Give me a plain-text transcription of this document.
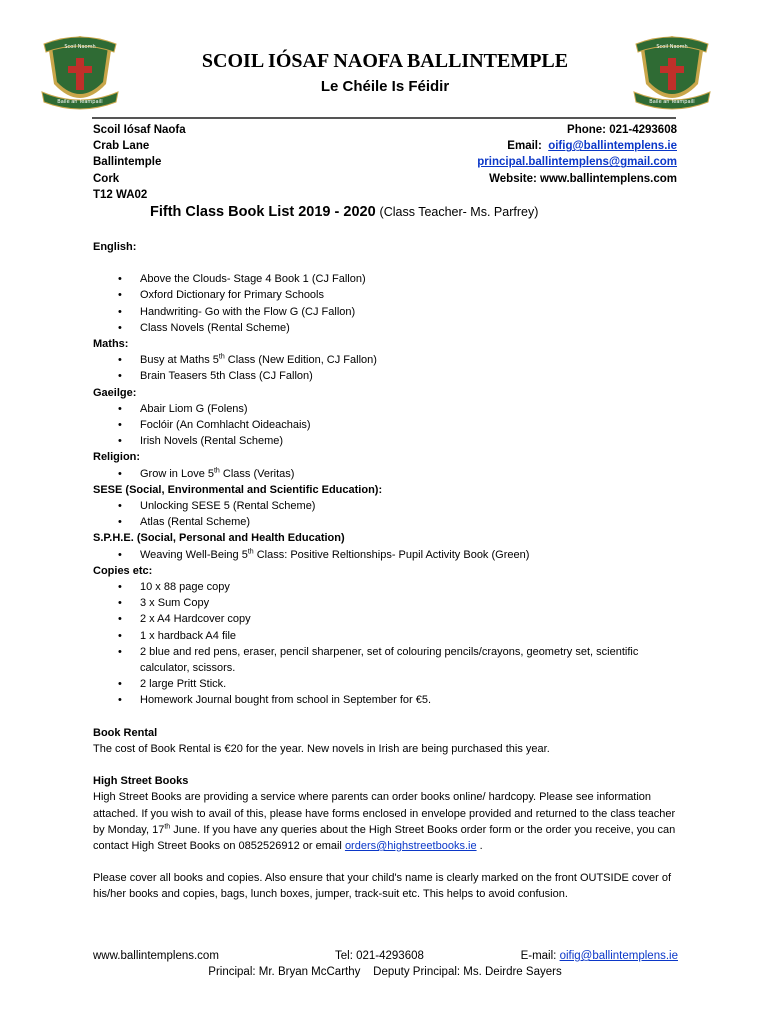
Scoil Naomh
Baile an Teampaill
Scoil Naomh
Baile an Teampaill
SCOIL IÓSAF NAOFA BALLINTEMPLE
Le Chéile Is Féidir
Scoil Iósaf Naofa
Crab Lane
Ballintemple
Cork
T12 WA02
Phone: 021-4293608
Email: oifig@ballintemplens.ie
principal.ballintemplens@gmail.com
Website: www.ballintemplens.com
Fifth Class Book List 2019 - 2020 (Class Teacher- Ms. Parfrey)
English:
• Above the Clouds- Stage 4 Book 1 (CJ Fallon)
• Oxford Dictionary for Primary Schools
• Handwriting- Go with the Flow G (CJ Fallon)
• Class Novels (Rental Scheme)
Maths:
• Busy at Maths 5th Class (New Edition, CJ Fallon)
• Brain Teasers 5th Class (CJ Fallon)
Gaeilge:
• Abair Liom G (Folens)
• Foclóir (An Comhlacht Oideachais)
• Irish Novels (Rental Scheme)
Religion:
• Grow in Love 5th Class (Veritas)
SESE (Social, Environmental and Scientific Education):
• Unlocking SESE 5 (Rental Scheme)
• Atlas (Rental Scheme)
S.P.H.E. (Social, Personal and Health Education)
• Weaving Well-Being 5th Class: Positive Reltionships- Pupil Activity Book (Green)
Copies etc:
• 10 x 88 page copy
• 3 x Sum Copy
• 2 x A4 Hardcover copy
• 1 x hardback A4 file
• 2 blue and red pens, eraser, pencil sharpener, set of colouring pencils/crayons, geometry set, scientific calculator, scissors.
• 2 large Pritt Stick.
• Homework Journal bought from school in September for €5.
Book Rental

The cost of Book Rental is €20 for the year. New novels in Irish are being purchased this year.

High Street Books

High Street Books are providing a service where parents can order books online/ hardcopy. Please see information attached. If you wish to avail of this, please have forms enclosed in envelope provided and returned to the class teacher by Monday, 17th June. If you have any queries about the High Street Books order form or the order you receive, you can contact High Street Books on 0852526912 or email orders@highstreetbooks.ie .

Please cover all books and copies. Also ensure that your child's name is clearly marked on the front OUTSIDE cover of his/her books and copies, bags, lunch boxes, jumper, track-suit etc. This helps to avoid confusion.

www.ballintemplens.com	Tel: 021-4293608	E-mail: oifig@ballintemplens.ie
Principal: Mr. Bryan McCarthy    Deputy Principal: Ms. Deirdre Sayers
